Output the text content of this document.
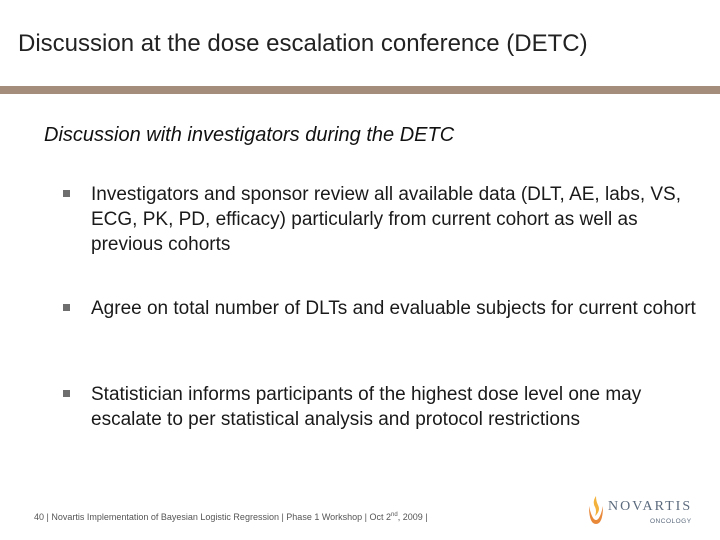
Discussion at the dose escalation conference (DETC)
Discussion with investigators during the DETC
Investigators and sponsor review all available data (DLT, AE, labs, VS, ECG, PK, PD, efficacy) particularly from current cohort as well as previous cohorts
Agree on total number of DLTs and evaluable subjects for current cohort
Statistician informs participants of the highest dose level one may escalate to per statistical analysis and protocol restrictions
40 | Novartis Implementation of Bayesian Logistic Regression | Phase 1 Workshop | Oct 2nd, 2009 |
NOVARTIS
ONCOLOGY
